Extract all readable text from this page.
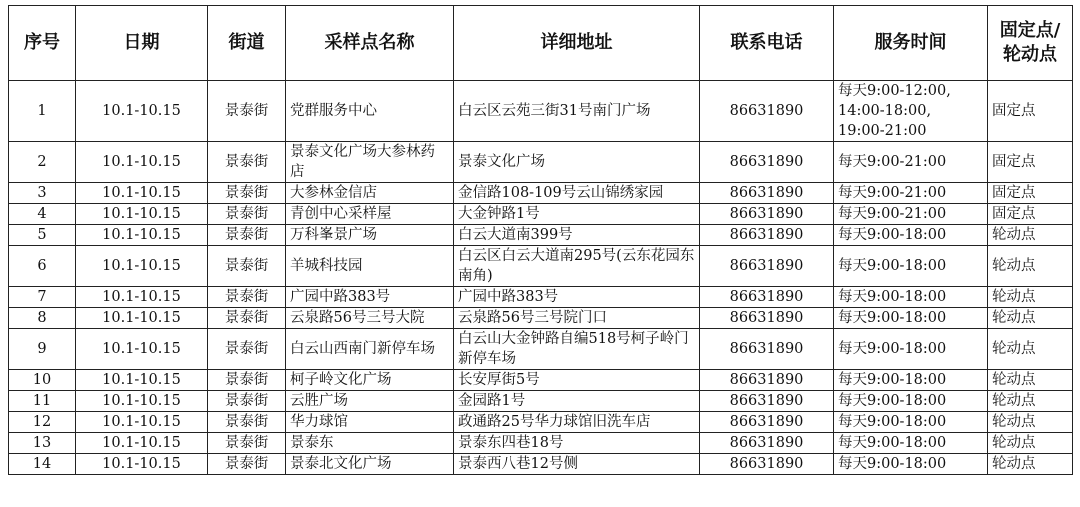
序号	日期	街道	采样点名称	详细地址	联系电话	服务时间	固定点/
轮动点
1	10.1-10.15	景泰街	党群服务中心	白云区云苑三街31号南门广场	86631890	每天9:00-12:00,
14:00-18:00,
19:00-21:00	固定点
2	10.1-10.15	景泰街	景泰文化广场大参林药店	景泰文化广场	86631890	每天9:00-21:00	固定点
3	10.1-10.15	景泰街	大参林金信店	金信路108-109号云山锦绣家园	86631890	每天9:00-21:00	固定点
4	10.1-10.15	景泰街	青创中心采样屋	大金钟路1号	86631890	每天9:00-21:00	固定点
5	10.1-10.15	景泰街	万科峯景广场	白云大道南399号	86631890	每天9:00-18:00	轮动点
6	10.1-10.15	景泰街	羊城科技园	白云区白云大道南295号(云东花园东南角)	86631890	每天9:00-18:00	轮动点
7	10.1-10.15	景泰街	广园中路383号	广园中路383号	86631890	每天9:00-18:00	轮动点
8	10.1-10.15	景泰街	云泉路56号三号大院	云泉路56号三号院门口	86631890	每天9:00-18:00	轮动点
9	10.1-10.15	景泰街	白云山西南门新停车场	白云山大金钟路自编518号柯子岭门新停车场	86631890	每天9:00-18:00	轮动点
10	10.1-10.15	景泰街	柯子岭文化广场	长安厚街5号	86631890	每天9:00-18:00	轮动点
11	10.1-10.15	景泰街	云胜广场	金园路1号	86631890	每天9:00-18:00	轮动点
12	10.1-10.15	景泰街	华力球馆	政通路25号华力球馆旧洗车店	86631890	每天9:00-18:00	轮动点
13	10.1-10.15	景泰街	景泰东	景泰东四巷18号	86631890	每天9:00-18:00	轮动点
14	10.1-10.15	景泰街	景泰北文化广场	景泰西八巷12号侧	86631890	每天9:00-18:00	轮动点
